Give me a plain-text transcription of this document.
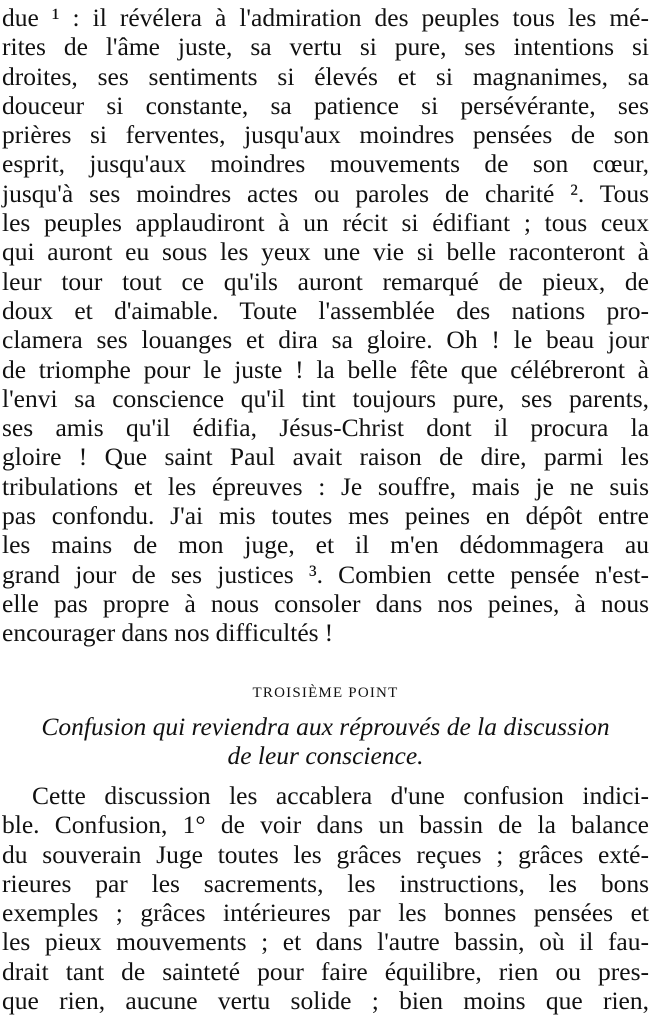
due ¹ : il révélera à l'admiration des peuples tous les mé-
rites de l'âme juste, sa vertu si pure, ses intentions si
droites, ses sentiments si élevés et si magnanimes, sa
douceur si constante, sa patience si persévérante, ses
prières si ferventes, jusqu'aux moindres pensées de son
esprit, jusqu'aux moindres mouvements de son cœur,
jusqu'à ses moindres actes ou paroles de charité ². Tous
les peuples applaudiront à un récit si édifiant ; tous ceux
qui auront eu sous les yeux une vie si belle raconteront à
leur tour tout ce qu'ils auront remarqué de pieux, de
doux et d'aimable. Toute l'assemblée des nations pro-
clamera ses louanges et dira sa gloire. Oh ! le beau jour
de triomphe pour le juste ! la belle fête que célébreront à
l'envi sa conscience qu'il tint toujours pure, ses parents,
ses amis qu'il édifia, Jésus-Christ dont il procura la
gloire ! Que saint Paul avait raison de dire, parmi les
tribulations et les épreuves : Je souffre, mais je ne suis
pas confondu. J'ai mis toutes mes peines en dépôt entre
les mains de mon juge, et il m'en dédommagera au
grand jour de ses justices ³. Combien cette pensée n'est-
elle pas propre à nous consoler dans nos peines, à nous
encourager dans nos difficultés !
TROISIÈME POINT
Confusion qui reviendra aux réprouvés de la discussion
de leur conscience.
Cette discussion les accablera d'une confusion indici-
ble. Confusion, 1° de voir dans un bassin de la balance
du souverain Juge toutes les grâces reçues ; grâces exté-
rieures par les sacrements, les instructions, les bons
exemples ; grâces intérieures par les bonnes pensées et
les pieux mouvements ; et dans l'autre bassin, où il fau-
drait tant de sainteté pour faire équilibre, rien ou pres-
que rien, aucune vertu solide ; bien moins que rien,
